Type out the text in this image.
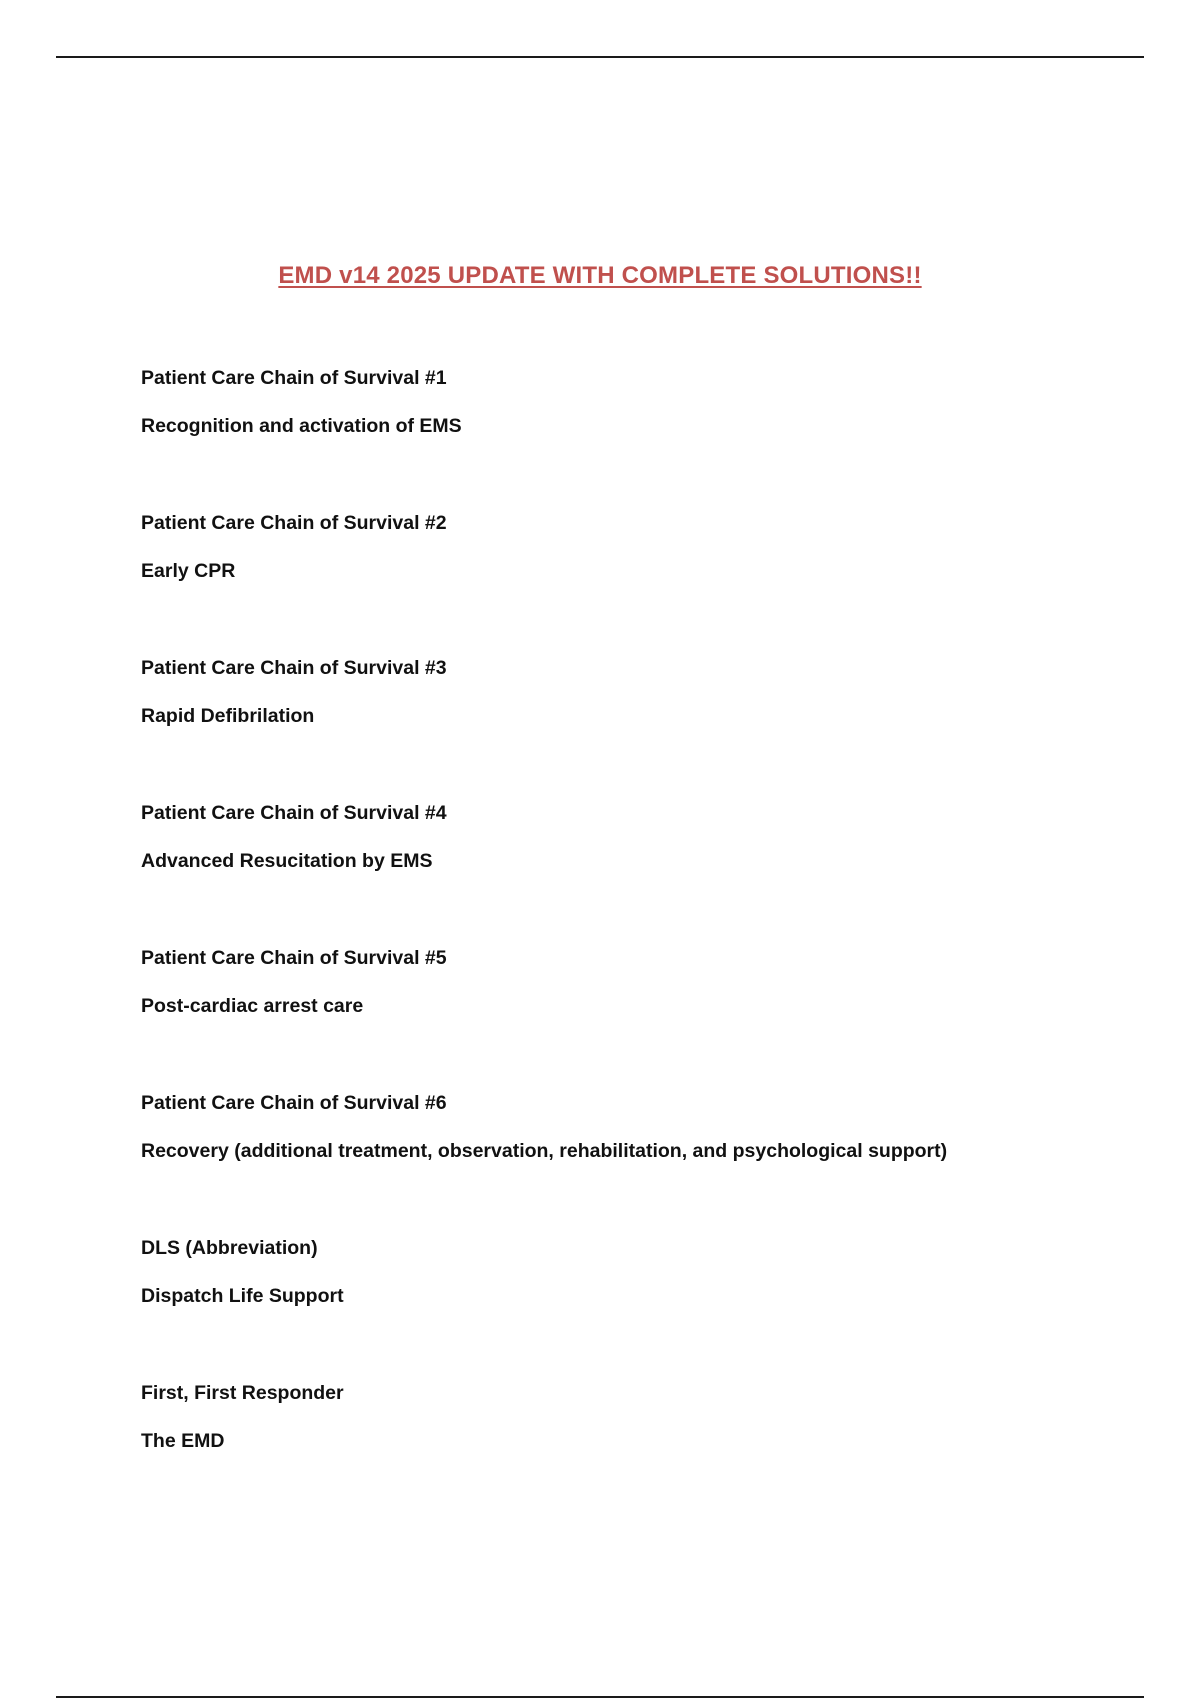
EMD v14 2025 UPDATE WITH COMPLETE SOLUTIONS!!
Patient Care Chain of Survival #1
Recognition and activation of EMS
Patient Care Chain of Survival #2
Early CPR
Patient Care Chain of Survival #3
Rapid Defibrilation
Patient Care Chain of Survival #4
Advanced Resucitation by EMS
Patient Care Chain of Survival #5
Post-cardiac arrest care
Patient Care Chain of Survival #6
Recovery (additional treatment, observation, rehabilitation, and psychological support)
DLS (Abbreviation)
Dispatch Life Support
First, First Responder
The EMD
